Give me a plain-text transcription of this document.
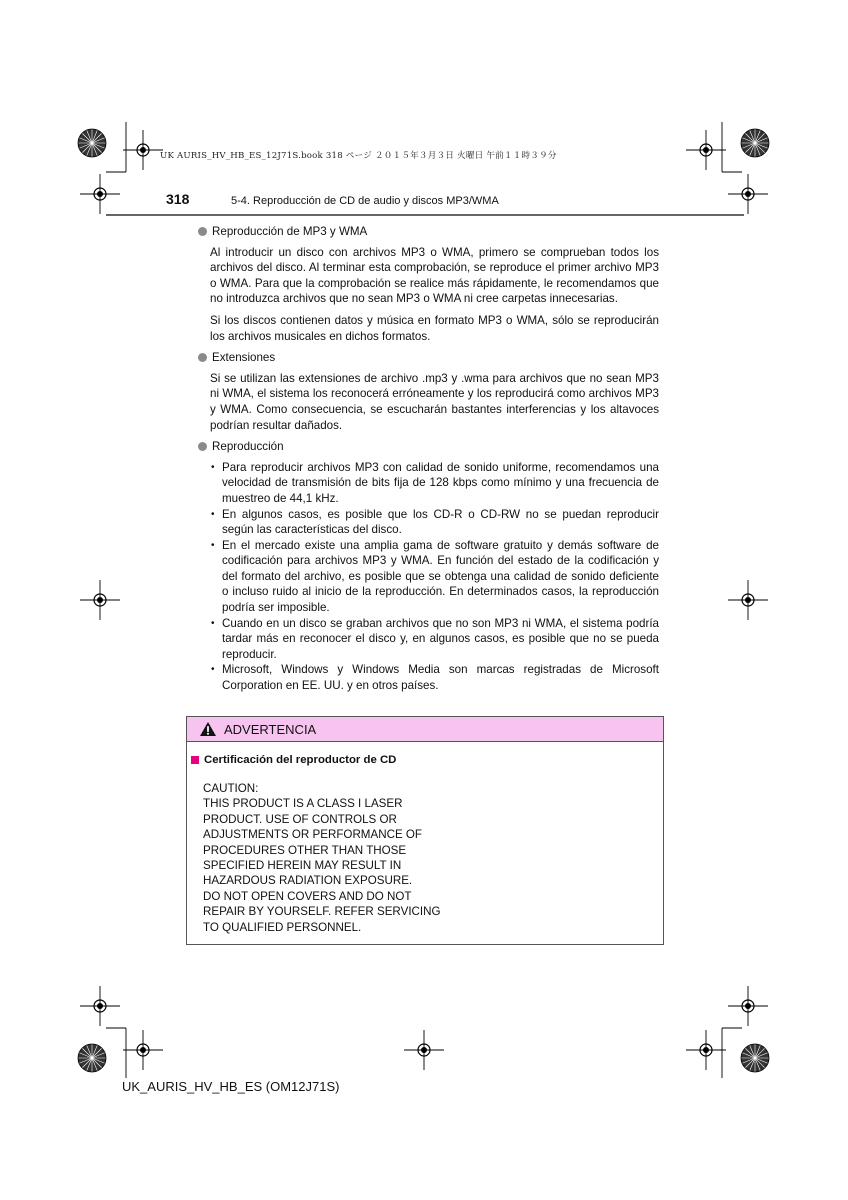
UK AURIS_HV_HB_ES_12J71S.book 318 ページ ２０１５年３月３日 火曜日 午前１１時３９分
318	5-4. Reproducción de CD de audio y discos MP3/WMA
Reproducción de MP3 y WMA

Al introducir un disco con archivos MP3 o WMA, primero se comprueban todos los archivos del disco. Al terminar esta comprobación, se reproduce el primer archivo MP3 o WMA. Para que la comprobación se realice más rápidamente, le recomendamos que no introduzca archivos que no sean MP3 o WMA ni cree carpetas innecesarias.

Si los discos contienen datos y música en formato MP3 o WMA, sólo se reproducirán los archivos musicales en dichos formatos.

Extensiones

Si se utilizan las extensiones de archivo .mp3 y .wma para archivos que no sean MP3 ni WMA, el sistema los reconocerá erróneamente y los reproducirá como archivos MP3 y WMA. Como consecuencia, se escucharán bastantes interferencias y los altavoces podrían resultar dañados.

Reproducción
• Para reproducir archivos MP3 con calidad de sonido uniforme, recomendamos una velocidad de transmisión de bits fija de 128 kbps como mínimo y una frecuencia de muestreo de 44,1 kHz.
• En algunos casos, es posible que los CD-R o CD-RW no se puedan reproducir según las características del disco.
• En el mercado existe una amplia gama de software gratuito y demás software de codificación para archivos MP3 y WMA. En función del estado de la codificación y del formato del archivo, es posible que se obtenga una calidad de sonido deficiente o incluso ruido al inicio de la reproducción. En determinados casos, la reproducción podría ser imposible.
• Cuando en un disco se graban archivos que no son MP3 ni WMA, el sistema podría tardar más en reconocer el disco y, en algunos casos, es posible que no se pueda reproducir.
• Microsoft, Windows y Windows Media son marcas registradas de Microsoft Corporation en EE. UU. y en otros países.
ADVERTENCIA
Certificación del reproductor de CD
CAUTION:
THIS PRODUCT IS A CLASS I LASER
PRODUCT. USE OF CONTROLS OR
ADJUSTMENTS OR PERFORMANCE OF
PROCEDURES OTHER THAN THOSE
SPECIFIED HEREIN MAY RESULT IN
HAZARDOUS RADIATION EXPOSURE.
DO NOT OPEN COVERS AND DO NOT
REPAIR BY YOURSELF. REFER SERVICING
TO QUALIFIED PERSONNEL.
UK_AURIS_HV_HB_ES (OM12J71S)
